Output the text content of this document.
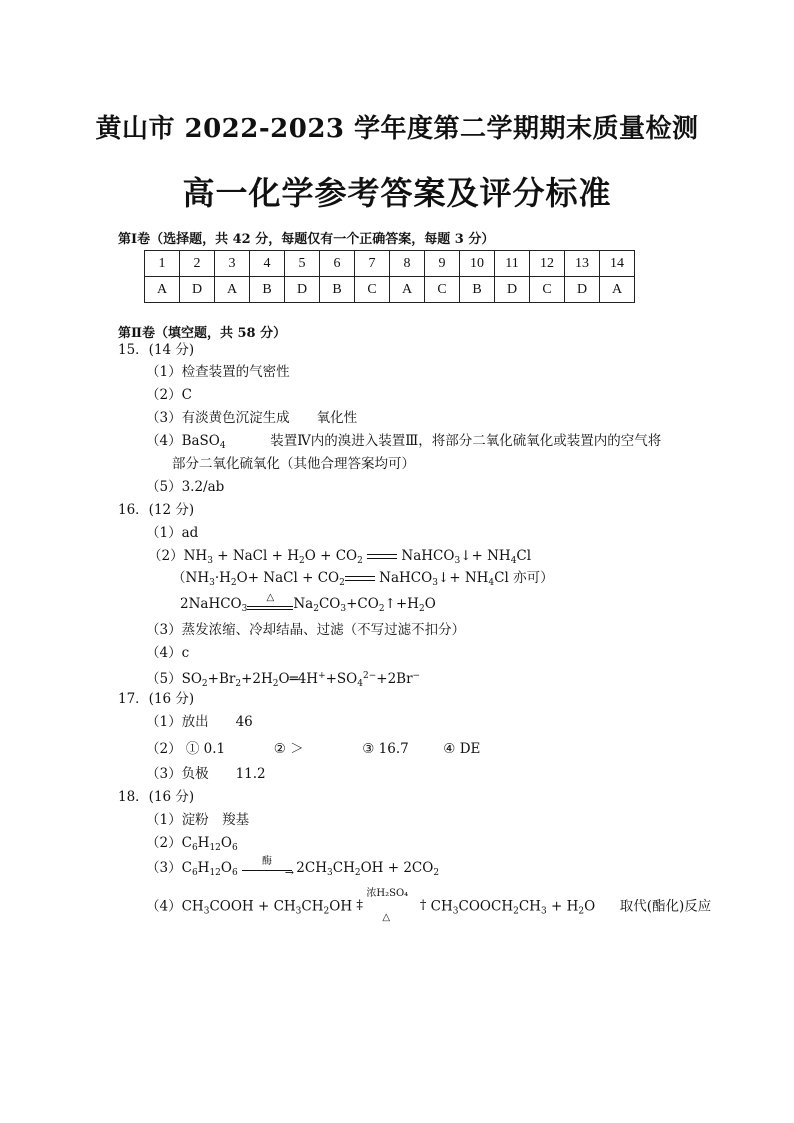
黄山市 2022-2023 学年度第二学期期末质量检测
高一化学参考答案及评分标准
第Ⅰ卷（选择题，共 42 分，每题仅有一个正确答案，每题 3 分）
1	2	3	4	5	6	7	8	9	10	11	12	13	14
A	D	A	B	D	B	C	A	C	B	D	C	D	A
第Ⅱ卷（填空题，共 58 分）
15．(14 分)
（1）检查装置的气密性
（2）C
（3）有淡黄色沉淀生成　　氧化性
（4）BaSO$_4$	装置Ⅳ内的溴进入装置Ⅲ，将部分二氧化硫氧化或装置内的空气将
部分二氧化硫氧化（其他合理答案均可）
（5）3.2/ab
16．(12 分)
（1）ad
$(2)NH_3$ + NaCl + $H_2O + CO_2$	NaHCO$_3$↓+ $NH_4Cl$
（$NH_3\cdot H_2O+$ NaCl + $CO_2$ NaHCO$_3$↓+ $NH_4Cl$ 亦可）
2NaHCO$_3$
△	$Na_2CO_3+CO_2↑+H_2O$
（3）蒸发浓缩、冷却结晶、过滤（不写过滤不扣分）
（4）c
$(5)SO_2+Br_2+2H_2O═4H^++SO_4^{2-}+2Br^-$
17．(16 分)
（1）放出　　46
（2） ① 0.1	② ＞	③ 16.7	④ DE
（3）负极　　11.2
18．(16 分)
（1）淀粉　羧基
$(2)C_6H_{12}O_6$
$(3)C_6H_{12}O_6$
酶
→
$2CH_3CH_2OH + 2CO_2$
$(4)CH_3COOH + CH_3CH_2OH$ ‡
浓H₂SO₄
△
† $CH_3COOCH_2CH_3 + H_2O$  取代(酯化)反应
